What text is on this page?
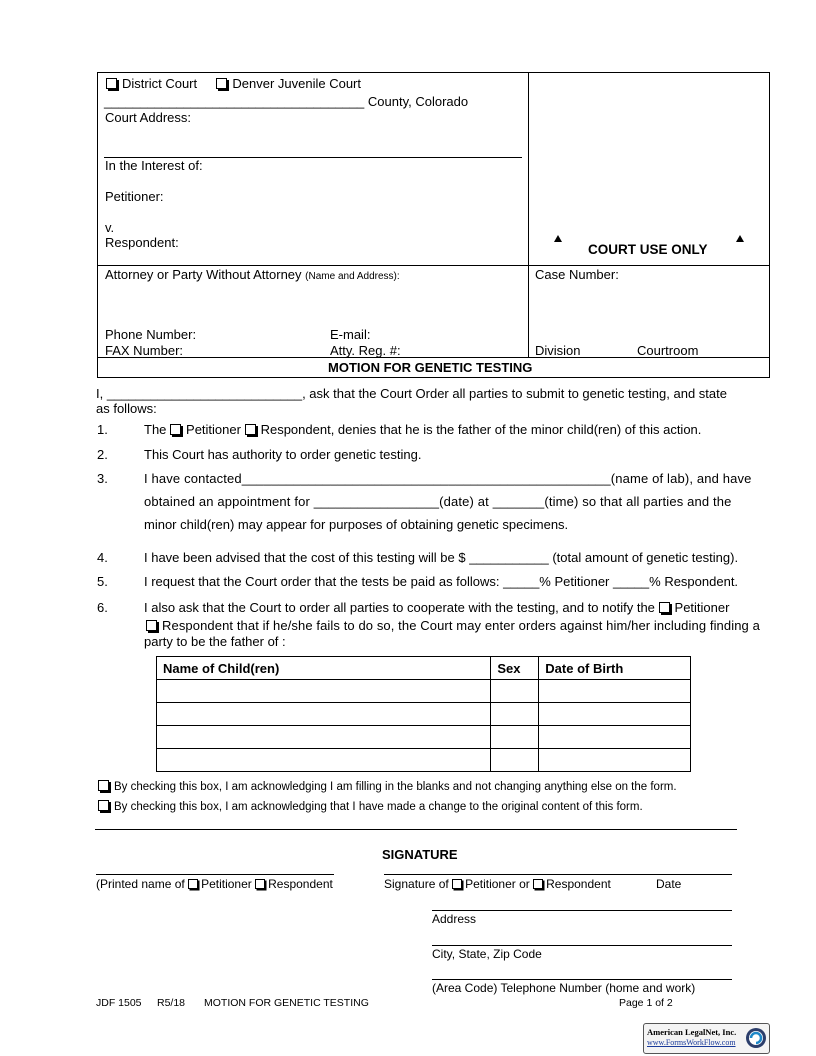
District Court	Denver Juvenile Court
____________________________________ County, Colorado
Court Address:
In the Interest of:
Petitioner:
v.
Respondent:	COURT USE ONLY
Attorney or Party Without Attorney (Name and Address):
Phone Number:	E-mail:
FAX Number:	Atty. Reg. #:
Case Number:
Division	Courtroom
MOTION FOR GENETIC TESTING
I, ___________________________, ask that the Court Order all parties to submit to genetic testing, and state
as follows:
1.	The Petitioner Respondent, denies that he is the father of the minor child(ren) of this action.
2.	This Court has authority to order genetic testing.
3.	I have contacted__________________________________________________(name of lab), and have
obtained an appointment for _________________(date) at _______(time) so that all parties and the
minor child(ren) may appear for purposes of obtaining genetic specimens.
4.	I have been advised that the cost of this testing will be $ ___________ (total amount of genetic testing).
5.	I request that the Court order that the tests be paid as follows: _____% Petitioner _____% Respondent.
6.	I also ask that the Court to order all parties to cooperate with the testing, and to notify the Petitioner
Respondent that if he/she fails to do so, the Court may enter orders against him/her including finding a
party to be the father of :
Name of Child(ren)	Sex	Date of Birth

By checking this box, I am acknowledging I am filling in the blanks and not changing anything else on the form.
By checking this box, I am acknowledging that I have made a change to the original content of this form.
SIGNATURE
(Printed name of Petitioner Respondent	Signature of Petitioner or Respondent	Date
Address
City, State, Zip Code
(Area Code) Telephone Number (home and work)
JDF 1505 R5/18 MOTION FOR GENETIC TESTING	Page 1 of 2
American LegalNet, Inc.
www.FormsWorkFlow.com
